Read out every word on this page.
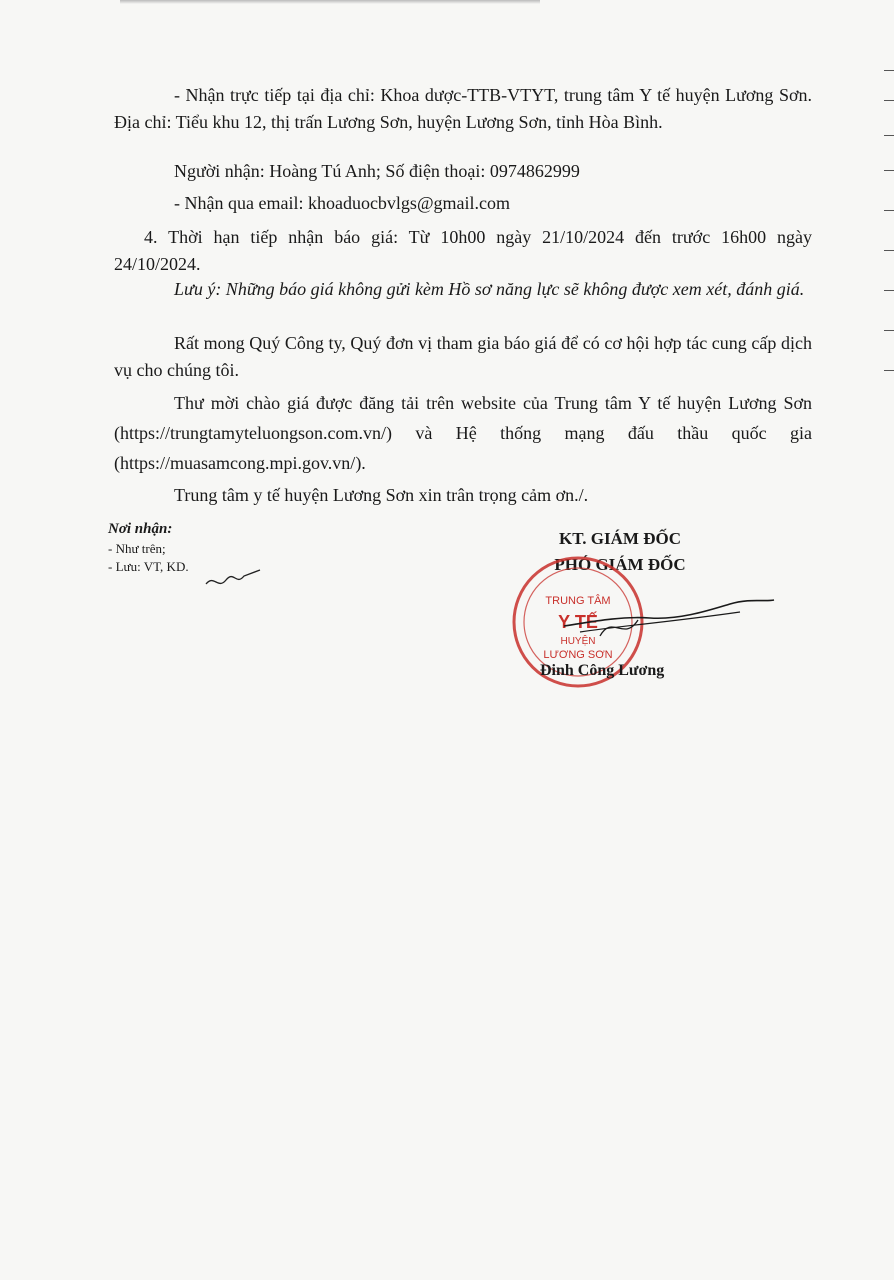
- Nhận trực tiếp tại địa chỉ: Khoa dược-TTB-VTYT, trung tâm Y tế huyện Lương Sơn. Địa chỉ: Tiểu khu 12, thị trấn Lương Sơn, huyện Lương Sơn, tỉnh Hòa Bình.
Người nhận: Hoàng Tú Anh; Số điện thoại: 0974862999
- Nhận qua email: khoaduocbvlgs@gmail.com
4. Thời hạn tiếp nhận báo giá: Từ 10h00 ngày 21/10/2024 đến trước 16h00 ngày 24/10/2024.
Lưu ý: Những báo giá không gửi kèm Hồ sơ năng lực sẽ không được xem xét, đánh giá.
Rất mong Quý Công ty, Quý đơn vị tham gia báo giá để có cơ hội hợp tác cung cấp dịch vụ cho chúng tôi.
Thư mời chào giá được đăng tải trên website của Trung tâm Y tế huyện Lương Sơn (https://trungtamyteluongson.com.vn/) và Hệ thống mạng đấu thầu quốc gia (https://muasamcong.mpi.gov.vn/).
Trung tâm y tế huyện Lương Sơn xin trân trọng cảm ơn./.
Nơi nhận:
- Như trên;
- Lưu: VT, KD.
KT. GIÁM ĐỐC
PHÓ GIÁM ĐỐC
TRUNG TÂM
Y TẾ
HUYỆN
LƯƠNG SƠN
Đinh Công Lương
